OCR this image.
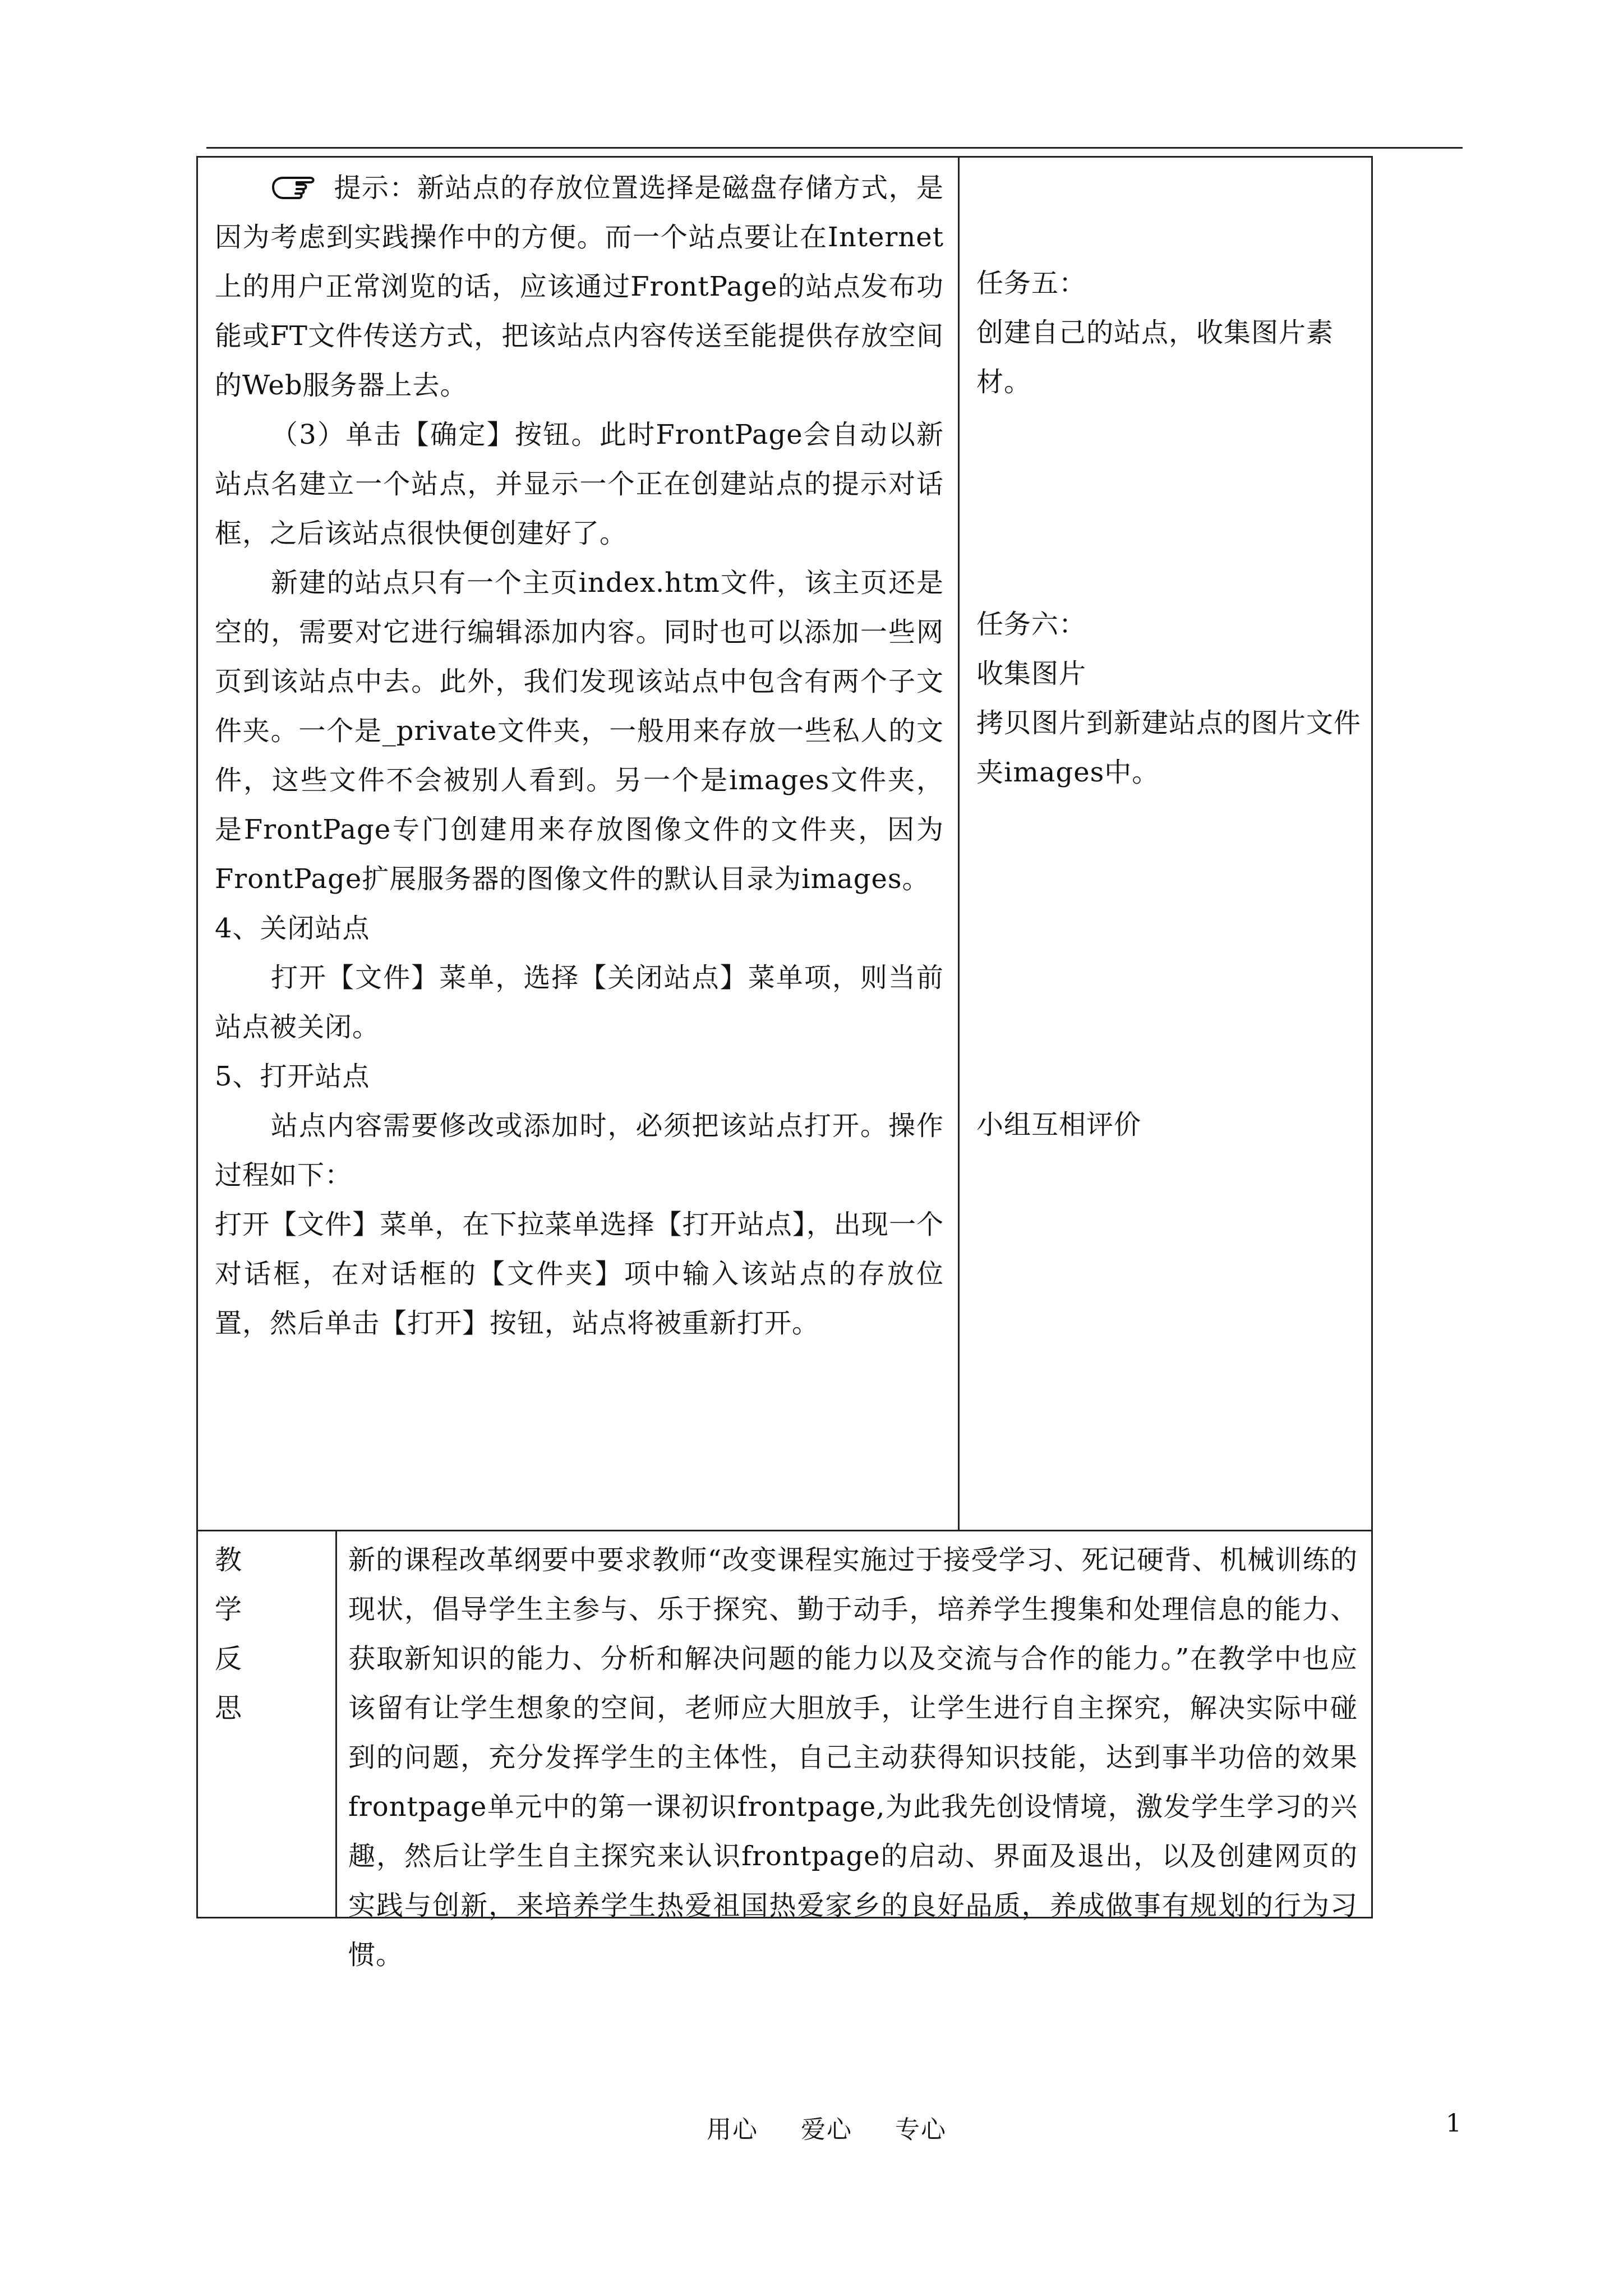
提示：新站点的存放位置选择是磁盘存储方式，是因为考虑到实践操作中的方便。而一个站点要让在Internet上的用户正常浏览的话，应该通过FrontPage的站点发布功能或FT文件传送方式，把该站点内容传送至能提供存放空间的Web服务器上去。

（3）单击【确定】按钮。此时FrontPage会自动以新站点名建立一个站点，并显示一个正在创建站点的提示对话框，之后该站点很快便创建好了。

新建的站点只有一个主页index.htm文件，该主页还是空的，需要对它进行编辑添加内容。同时也可以添加一些网页到该站点中去。此外，我们发现该站点中包含有两个子文件夹。一个是_private文件夹，一般用来存放一些私人的文件，这些文件不会被别人看到。另一个是images文件夹，是FrontPage专门创建用来存放图像文件的文件夹，因为FrontPage扩展服务器的图像文件的默认目录为images。

4、关闭站点

打开【文件】菜单，选择【关闭站点】菜单项，则当前站点被关闭。

5、打开站点

站点内容需要修改或添加时，必须把该站点打开。操作过程如下：

打开【文件】菜单，在下拉菜单选择【打开站点】，出现一个对话框，在对话框的【文件夹】项中输入该站点的存放位置，然后单击【打开】按钮，站点将被重新打开。

任务五：

创建自己的站点，收集图片素材。

任务六：

收集图片

拷贝图片到新建站点的图片文件夹images中。

小组互相评价

教
学
反
思
新的课程改革纲要中要求教师“改变课程实施过于接受学习、死记硬背、机械训练的现状，倡导学生主参与、乐于探究、勤于动手，培养学生搜集和处理信息的能力、获取新知识的能力、分析和解决问题的能力以及交流与合作的能力。”在教学中也应该留有让学生想象的空间，老师应大胆放手，让学生进行自主探究，解决实际中碰到的问题，充分发挥学生的主体性，自己主动获得知识技能，达到事半功倍的效果frontpage单元中的第一课初识frontpage,为此我先创设情境，激发学生学习的兴趣，然后让学生自主探究来认识frontpage的启动、界面及退出，以及创建网页的实践与创新，来培养学生热爱祖国热爱家乡的良好品质，养成做事有规划的行为习惯。
用心 爱心 专心	1
